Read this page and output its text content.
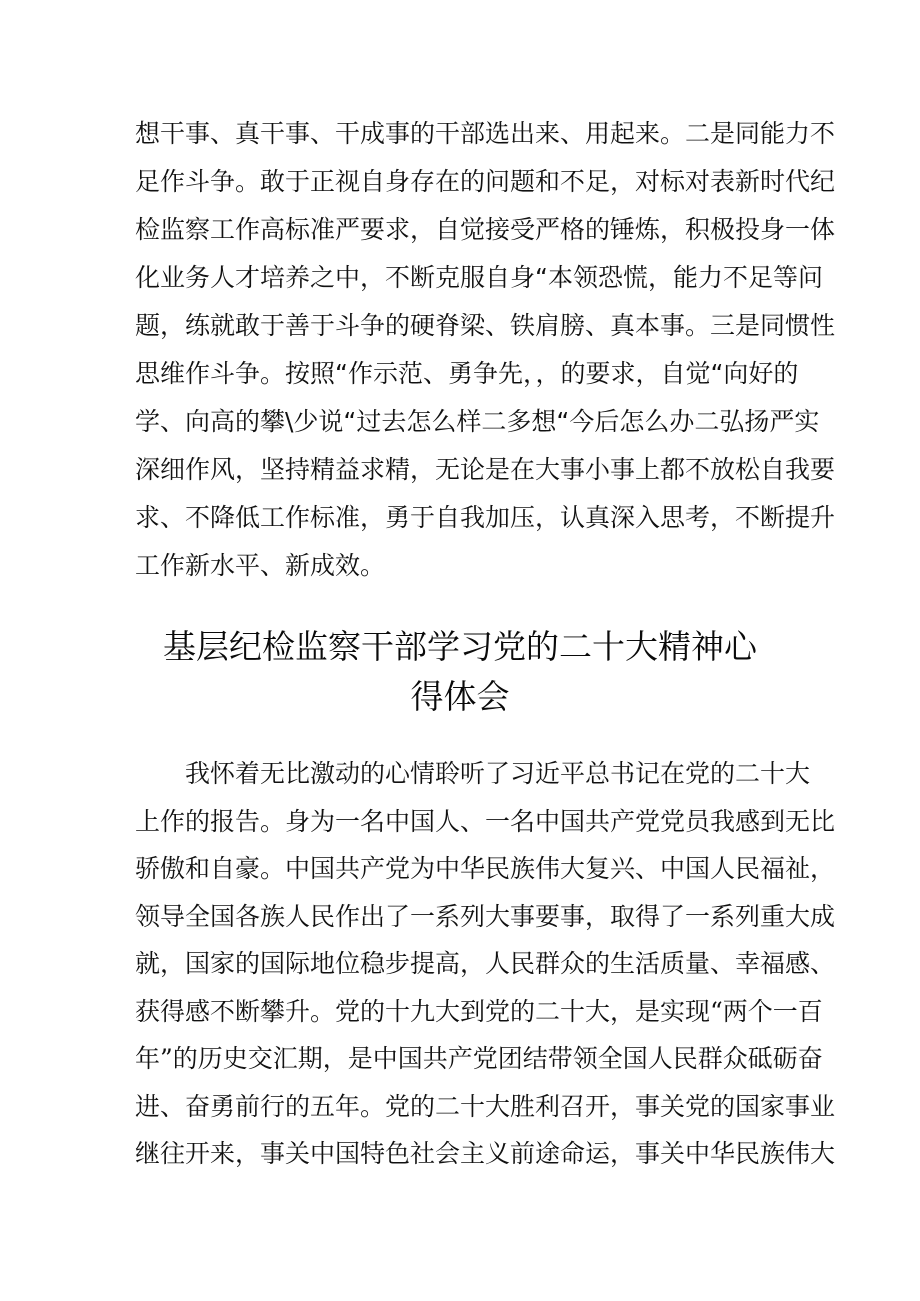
想干事、真干事、干成事的干部选出来、用起来。二是同能力不
足作斗争。敢于正视自身存在的问题和不足，对标对表新时代纪
检监察工作高标准严要求，自觉接受严格的锤炼，积极投身一体
化业务人才培养之中，不断克服自身“本领恐慌，能力不足等问
题，练就敢于善于斗争的硬脊梁、铁肩膀、真本事。三是同惯性
思维作斗争。按照“作示范、勇争先，，的要求，自觉“向好的
学、向高的攀\少说“过去怎么样二多想“今后怎么办二弘扬严实
深细作风，坚持精益求精，无论是在大事小事上都不放松自我要
求、不降低工作标准，勇于自我加压，认真深入思考，不断提升
工作新水平、新成效。

基层纪检监察干部学习党的二十大精神心
得体会

我怀着无比激动的心情聆听了习近平总书记在党的二十大
上作的报告。身为一名中国人、一名中国共产党党员我感到无比
骄傲和自豪。中国共产党为中华民族伟大复兴、中国人民福祉，
领导全国各族人民作出了一系列大事要事，取得了一系列重大成
就，国家的国际地位稳步提高，人民群众的生活质量、幸福感、
获得感不断攀升。党的十九大到党的二十大，是实现“两个一百
年”的历史交汇期，是中国共产党团结带领全国人民群众砥砺奋
进、奋勇前行的五年。党的二十大胜利召开，事关党的国家事业
继往开来，事关中国特色社会主义前途命运，事关中华民族伟大
